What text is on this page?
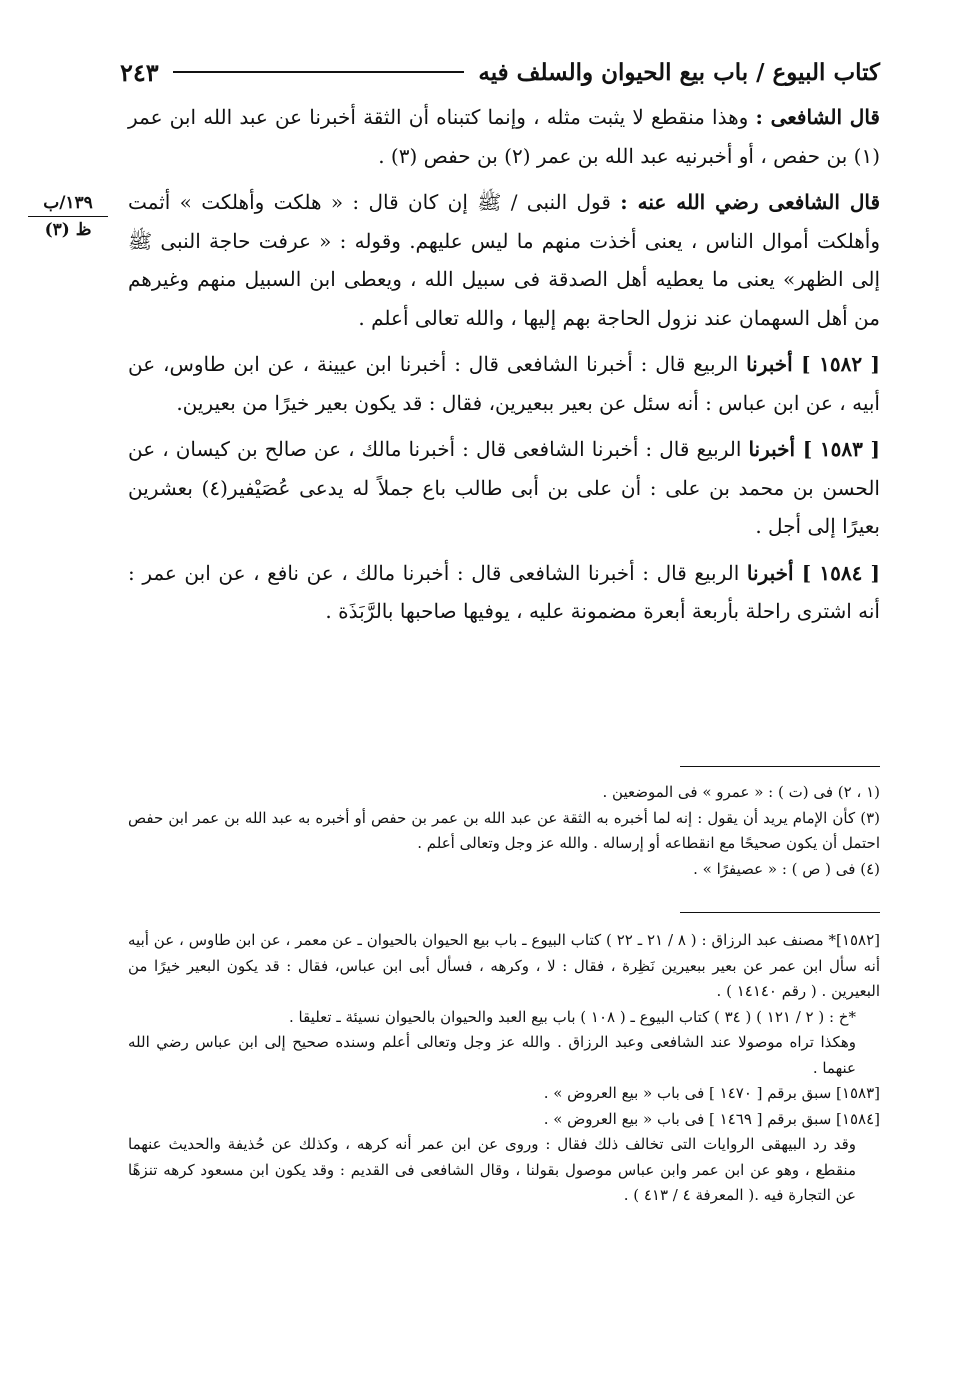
كتاب البيوع / باب بيع الحيوان والسلف فيه
٢٤٣
١٣٩/ب
ظ (٣)

قال الشافعى : وهذا منقطع لا يثبت مثله ، وإنما كتبناه أن الثقة أخبرنا عن عبد الله ابن عمر (١) بن حفص ، أو أخبرنيه عبد الله بن عمر (٢) بن حفص (٣) .

قال الشافعى رضي الله عنه : قول النبى / ﷺ إن كان قال : « هلكت وأهلكت » أثمت وأهلكت أموال الناس ، يعنى أخذت منهم ما ليس عليهم. وقوله : « عرفت حاجة النبى ﷺ إلى الظهر» يعنى ما يعطيه أهل الصدقة فى سبيل الله ، ويعطى ابن السبيل منهم وغيرهم من أهل السهمان عند نزول الحاجة بهم إليها ، والله تعالى أعلم .

[ ١٥٨٢ ] أخبرنا الربيع قال : أخبرنا الشافعى قال : أخبرنا ابن عيينة ، عن ابن طاوس، عن أبيه ، عن ابن عباس : أنه سئل عن بعير ببعيرين، فقال : قد يكون بعير خيرًا من بعيرين.

[ ١٥٨٣ ] أخبرنا الربيع قال : أخبرنا الشافعى قال : أخبرنا مالك ، عن صالح بن كيسان ، عن الحسن بن محمد بن على : أن على بن أبى طالب باع جملاً له يدعى عُصَيْفير(٤) بعشرين بعيرًا إلى أجل .

[ ١٥٨٤ ] أخبرنا الربيع قال : أخبرنا الشافعى قال : أخبرنا مالك ، عن نافع ، عن ابن عمر : أنه اشترى راحلة بأربعة أبعرة مضمونة عليه ، يوفيها صاحبها بالرَّبَذَة .

(١ ، ٢) فى (ت ) : « عمرو » فى الموضعين .

(٣) كأن الإمام يريد أن يقول : إنه لما أخبره به الثقة عن عبد الله بن عمر بن حفص أو أخبره به عبد الله بن عمر ابن حفص احتمل أن يكون صحيحًا مع انقطاعه أو إرساله . والله عز وجل وتعالى أعلم .

(٤) فى ( ص ) : « عصيفرًا » .

[١٥٨٢]* مصنف عبد الرزاق : ( ٨ / ٢١ ـ ٢٢ ) كتاب البيوع ـ باب بيع الحيوان بالحيوان ـ عن معمر ، عن ابن طاوس ، عن أبيه أنه سأل ابن عمر عن بعير ببعيرين نَظِرة ، فقال : لا ، وكرهه ، فسأل أبى ابن عباس، فقال : قد يكون البعير خيرًا من البعيرين . ( رقم ١٤١٤٠ ) .

*خ : ( ٢ / ١٢١ ) ( ٣٤ ) كتاب البيوع ـ ( ١٠٨ ) باب بيع العبد والحيوان بالحيوان نسيئة ـ تعليقا .

وهكذا تراه موصولا عند الشافعى وعبد الرزاق . والله عز وجل وتعالى أعلم وسنده صحيح إلى ابن عباس رضي الله عنهما .

[١٥٨٣] سبق برقم [ ١٤٧٠ ] فى باب « بيع العروض » .

[١٥٨٤] سبق برقم [ ١٤٦٩ ] فى باب « بيع العروض » .

وقد رد البيهقى الروايات التى تخالف ذلك فقال : وروى عن ابن عمر أنه كرهه ، وكذلك عن حُذيفة والحديث عنهما منقطع ، وهو عن ابن عمر وابن عباس موصول بقولنا ، وقال الشافعى فى القديم : وقد يكون ابن مسعود كرهه تنزهًا عن التجارة فيه .( المعرفة ٤ / ٤١٣ ) .
